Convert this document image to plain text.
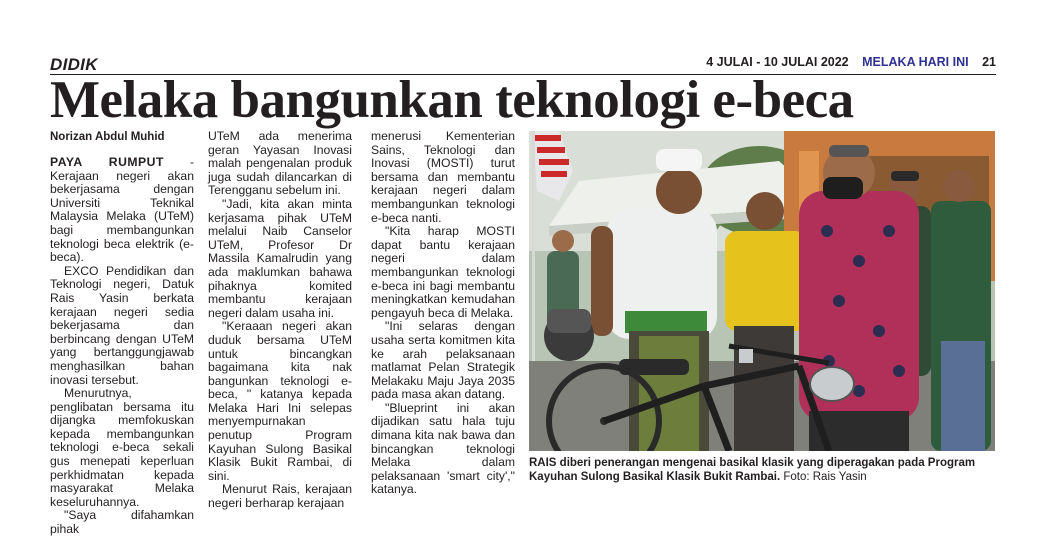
DIDIK	4 JULAI - 10 JULAI 2022 MELAKA HARI INI 21
Melaka bangunkan teknologi e-beca
Norizan Abdul Muhid

PAYA RUMPUT - Kerajaan negeri akan bekerjasama dengan Universiti Teknikal Malaysia Melaka (UTeM) bagi membangunkan teknologi beca elektrik (e-beca).

EXCO Pendidikan dan Teknologi negeri, Datuk Rais Yasin berkata kerajaan negeri sedia bekerjasama dan berbincang dengan UTeM yang bertanggungjawab menghasilkan bahan inovasi tersebut.

Menurutnya, penglibatan bersama itu dijangka memfokuskan kepada membangunkan teknologi e-beca sekali gus menepati keperluan perkhidmatan kepada masyarakat Melaka keseluruhannya.

"Saya difahamkan pihak

UTeM ada menerima geran Yayasan Inovasi malah pengenalan produk juga sudah dilancarkan di Terengganu sebelum ini.

"Jadi, kita akan minta kerjasama pihak UTeM melalui Naib Canselor UTeM, Profesor Dr Massila Kamalrudin yang ada maklumkan bahawa pihaknya komited membantu kerajaan negeri dalam usaha ini.

"Keraaan negeri akan duduk bersama UTeM untuk bincangkan bagaimana kita nak bangunkan teknologi e-beca, " katanya kepada Melaka Hari Ini selepas menyempurnakan penutup Program Kayuhan Sulong Basikal Klasik Bukit Rambai, di sini.

Menurut Rais, kerajaan negeri berharap kerajaan

menerusi Kementerian Sains, Teknologi dan Inovasi (MOSTI) turut bersama dan membantu kerajaan negeri dalam membangunkan teknologi e-beca nanti.

"Kita harap MOSTI dapat bantu kerajaan negeri dalam membangunkan teknologi e-beca ini bagi membantu meningkatkan kemudahan pengayuh beca di Melaka.

"Ini selaras dengan usaha serta komitmen kita ke arah pelaksanaan matlamat Pelan Strategik Melakaku Maju Jaya 2035 pada masa akan datang.

"Blueprint ini akan dijadikan satu hala tuju dimana kita nak bawa dan bincangkan teknologi Melaka dalam pelaksanaan 'smart city'," katanya.

RAIS diberi penerangan mengenai basikal klasik yang diperagakan pada Program Kayuhan Sulong Basikal Klasik Bukit Rambai. Foto: Rais Yasin
